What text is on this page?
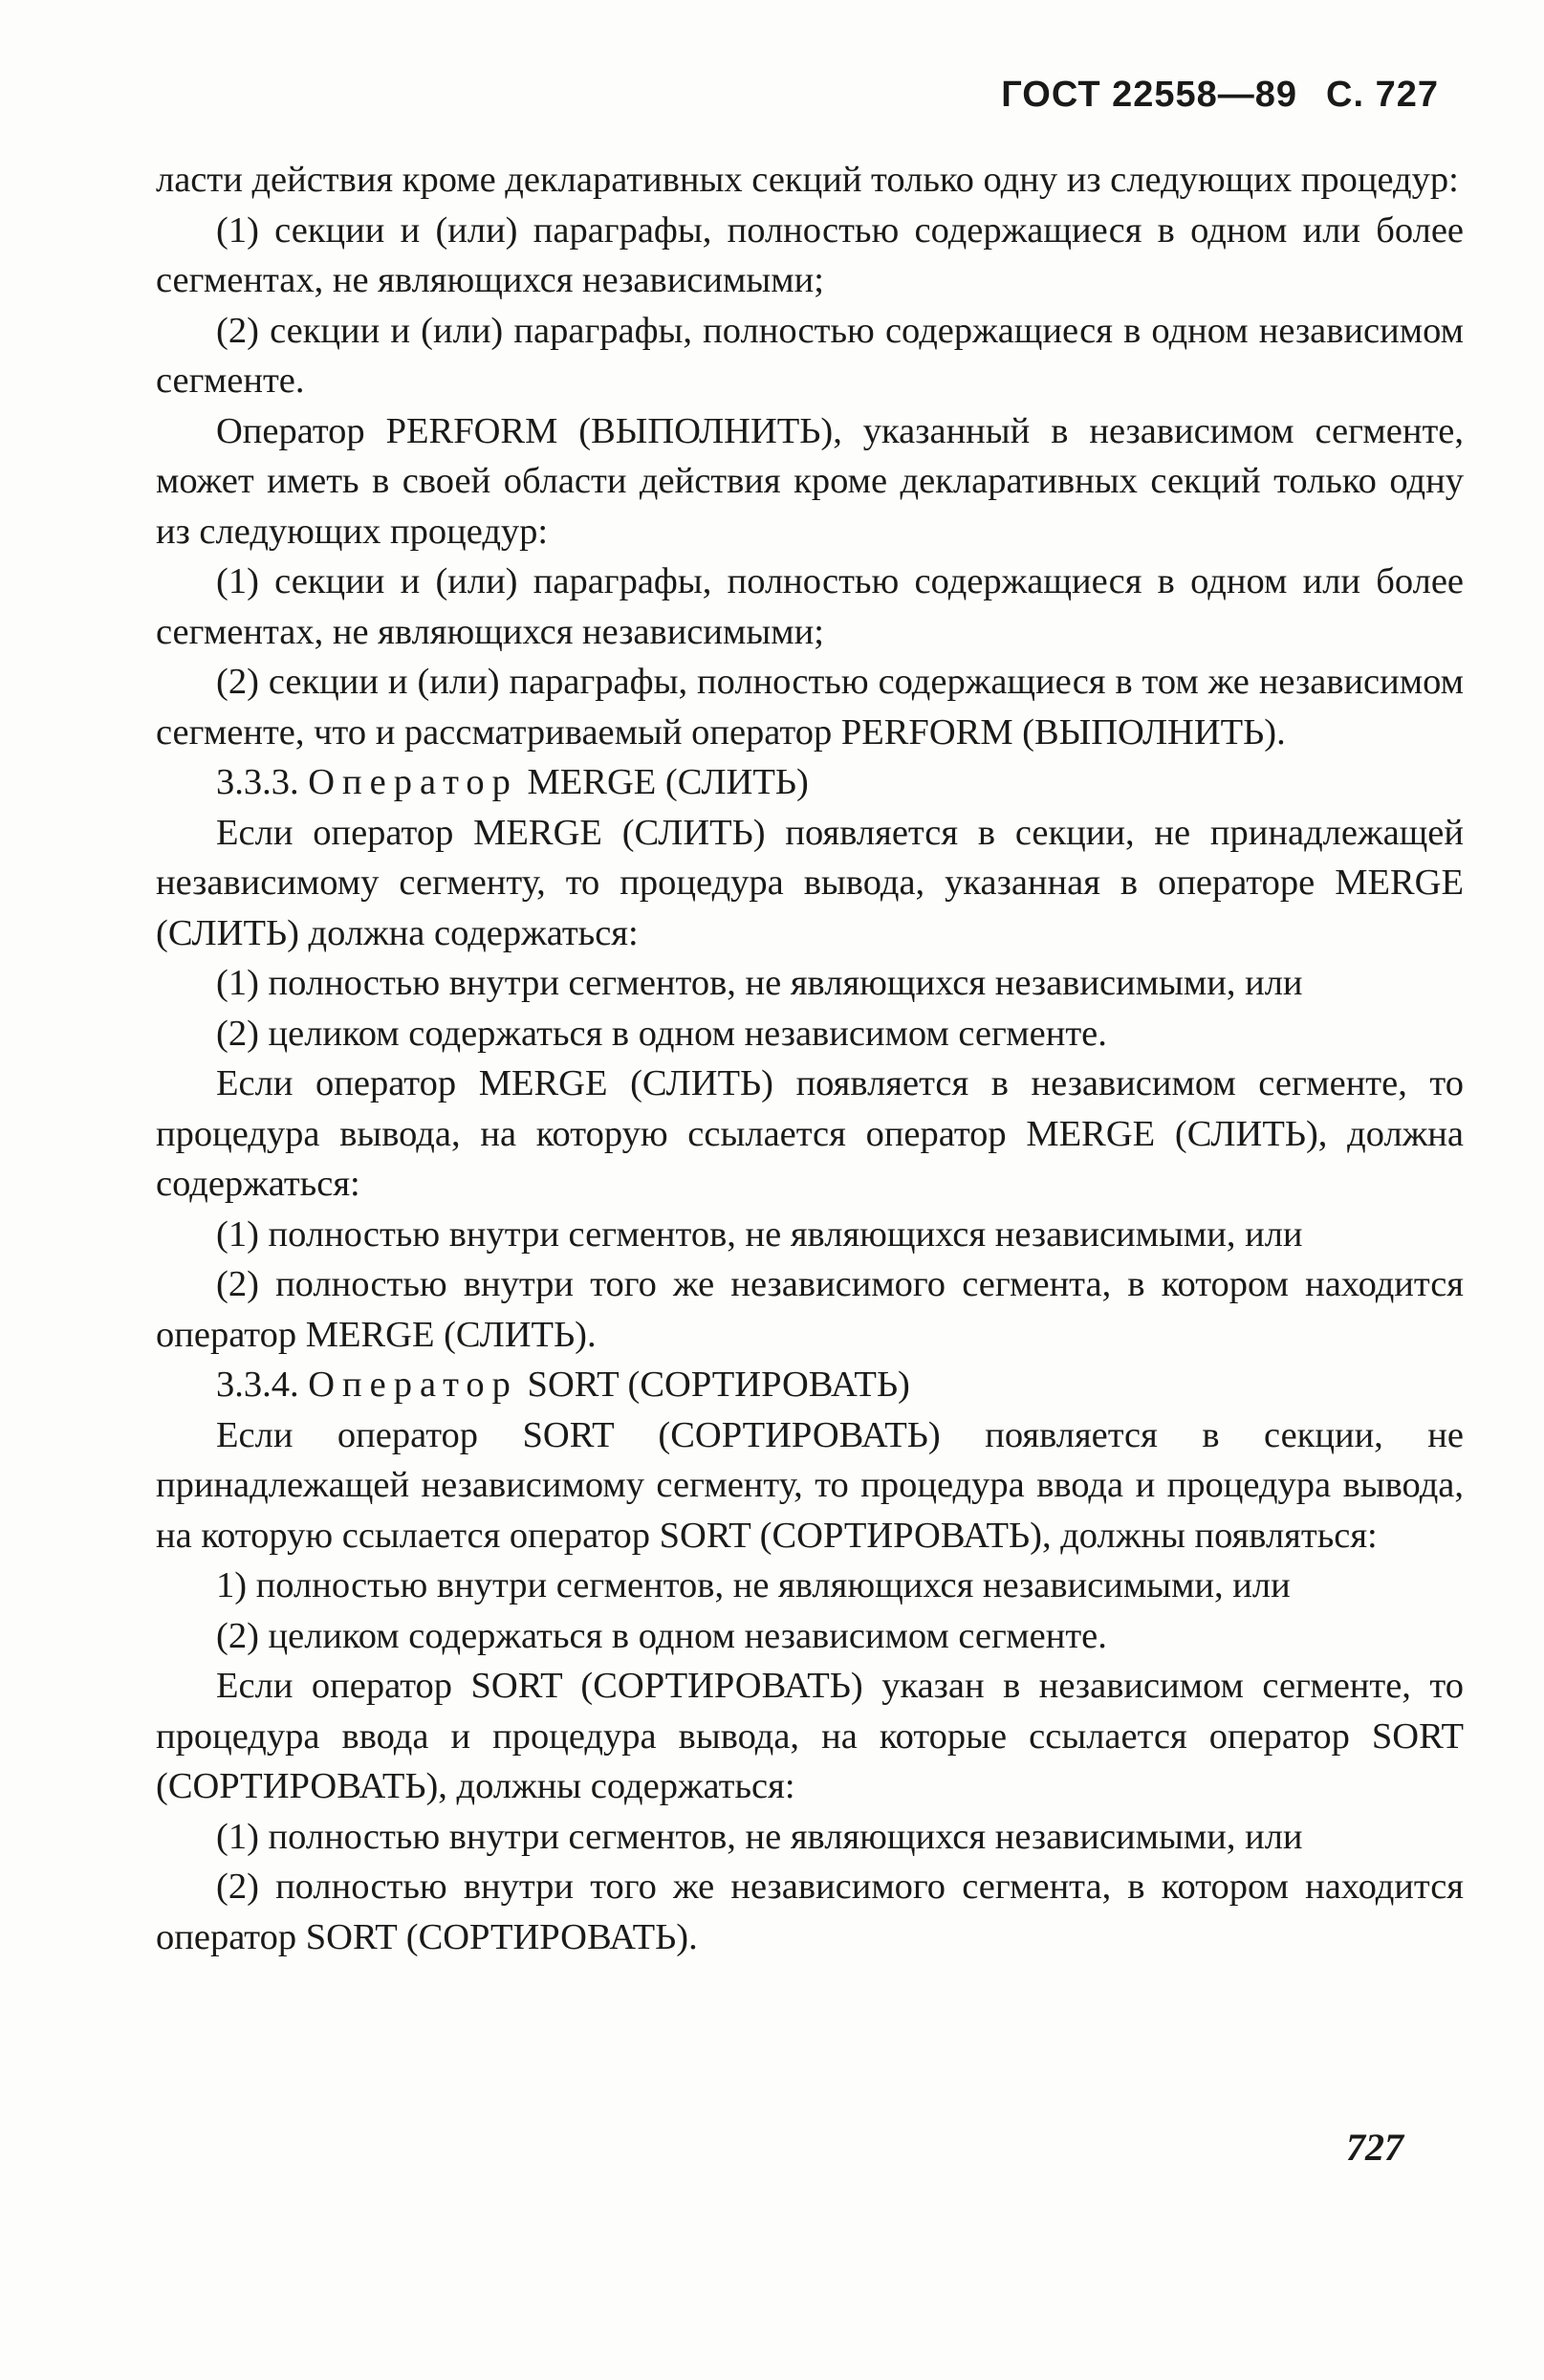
ГОСТ 22558—89 С. 727

ласти действия кроме декларативных секций только одну из следующих процедур:

(1) секции и (или) параграфы, полностью содержащиеся в одном или более сегментах, не являющихся независимыми;

(2) секции и (или) параграфы, полностью содержащиеся в одном независимом сегменте.

Оператор PERFORM (ВЫПОЛНИТЬ), указанный в независимом сегменте, может иметь в своей области действия кроме декларативных секций только одну из следующих процедур:

(1) секции и (или) параграфы, полностью содержащиеся в одном или более сегментах, не являющихся независимыми;

(2) секции и (или) параграфы, полностью содержащиеся в том же независимом сегменте, что и рассматриваемый оператор PERFORM (ВЫПОЛНИТЬ).

3.3.3. Оператор MERGE (СЛИТЬ)

Если оператор MERGE (СЛИТЬ) появляется в секции, не принадлежащей независимому сегменту, то процедура вывода, указанная в операторе MERGE (СЛИТЬ) должна содержаться:

(1) полностью внутри сегментов, не являющихся независимыми, или

(2) целиком содержаться в одном независимом сегменте.

Если оператор MERGE (СЛИТЬ) появляется в независимом сегменте, то процедура вывода, на которую ссылается оператор MERGE (СЛИТЬ), должна содержаться:

(1) полностью внутри сегментов, не являющихся независимыми, или

(2) полностью внутри того же независимого сегмента, в котором находится оператор MERGE (СЛИТЬ).

3.3.4. Оператор SORT (СОРТИРОВАТЬ)

Если оператор SORT (СОРТИРОВАТЬ) появляется в секции, не принадлежащей независимому сегменту, то процедура ввода и процедура вывода, на которую ссылается оператор SORT (СОРТИРОВАТЬ), должны появляться:

1) полностью внутри сегментов, не являющихся независимыми, или

(2) целиком содержаться в одном независимом сегменте.

Если оператор SORT (СОРТИРОВАТЬ) указан в независимом сегменте, то процедура ввода и процедура вывода, на которые ссылается оператор SORT (СОРТИРОВАТЬ), должны содержаться:

(1) полностью внутри сегментов, не являющихся независимыми, или

(2) полностью внутри того же независимого сегмента, в котором находится оператор SORT (СОРТИРОВАТЬ).

727
